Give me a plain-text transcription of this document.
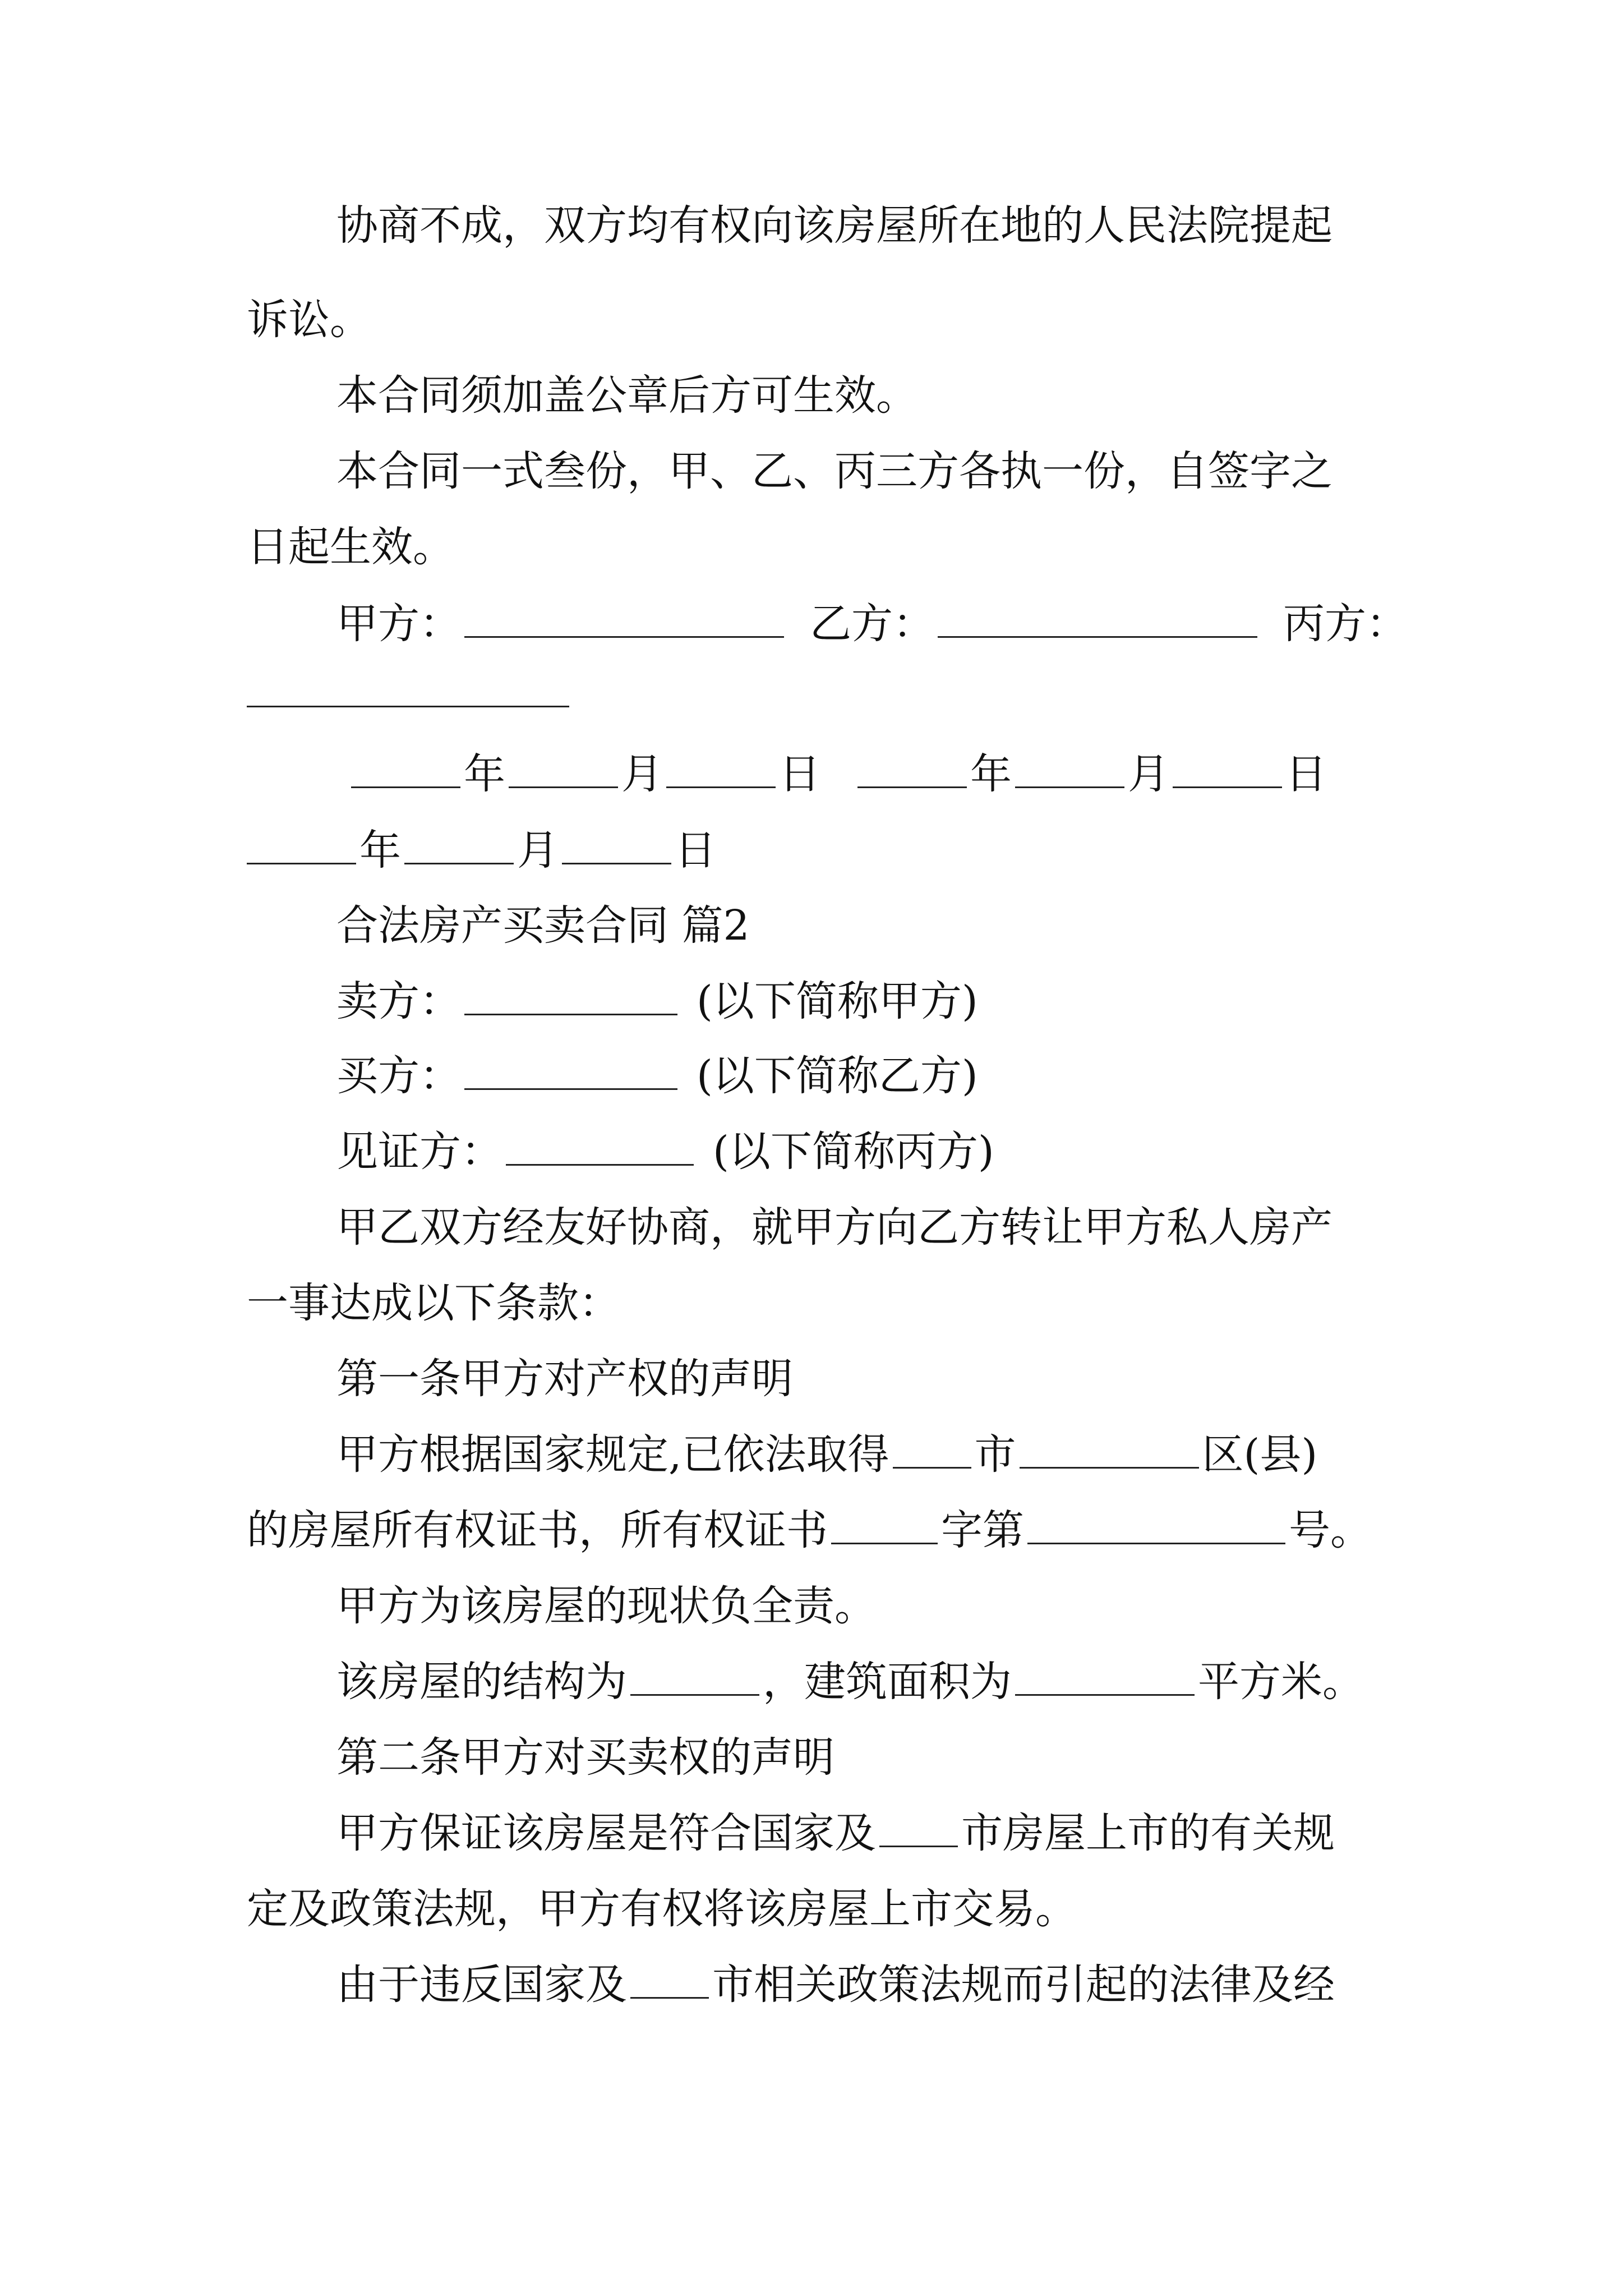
协商不成，双方均有权向该房屋所在地的人民法院提起
诉讼。
本合同须加盖公章后方可生效。
本合同一式叁份，甲、乙、丙三方各执一份，自签字之
日起生效。
甲方：	乙方：	丙方：
年	月	日	年	月	日
年	月	日
合法房产买卖合同 篇2
卖方：	(以下简称甲方)
买方：	(以下简称乙方)
见证方：	(以下简称丙方)
甲乙双方经友好协商，就甲方向乙方转让甲方私人房产
一事达成以下条款：
第一条甲方对产权的声明
甲方根据国家规定,已依法取得 市	区(县)
的房屋所有权证书，所有权证书	字第	号。
甲方为该房屋的现状负全责。
该房屋的结构为	，建筑面积为	平方米。
第二条甲方对买卖权的声明
甲方保证该房屋是符合国家及 市房屋上市的有关规
定及政策法规，甲方有权将该房屋上市交易。
由于违反国家及 市相关政策法规而引起的法律及经
